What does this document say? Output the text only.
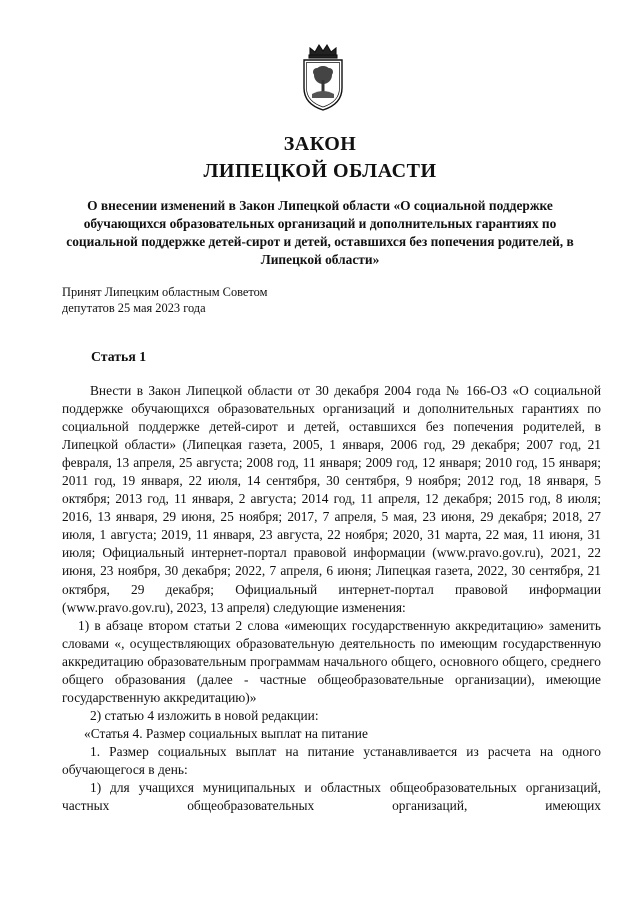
ЗАКОН
ЛИПЕЦКОЙ ОБЛАСТИ
О внесении изменений в Закон Липецкой области «О социальной поддержке обучающихся образовательных организаций и дополнительных гарантиях по социальной поддержке детей-сирот и детей, оставшихся без попечения родителей, в Липецкой области»
Принят Липецким областным Советом
депутатов 25 мая 2023 года
Статья 1

Внести в Закон Липецкой области от 30 декабря 2004 года № 166-ОЗ «О социальной поддержке обучающихся образовательных организаций и дополнительных гарантиях по социальной поддержке детей-сирот и детей, оставшихся без попечения родителей, в Липецкой области» (Липецкая газета, 2005, 1 января, 2006 год, 29 декабря; 2007 год, 21 февраля, 13 апреля, 25 августа; 2008 год, 11 января; 2009 год, 12 января; 2010 год, 15 января; 2011 год, 19 января, 22 июля, 14 сентября, 30 сентября, 9 ноября; 2012 год, 18 января, 5 октября; 2013 год, 11 января, 2 августа; 2014 год, 11 апреля, 12 декабря; 2015 год, 8 июля; 2016, 13 января, 29 июня, 25 ноября; 2017, 7 апреля, 5 мая, 23 июня, 29 декабря; 2018, 27 июля, 1 августа; 2019, 11 января, 23 августа, 22 ноября; 2020, 31 марта, 22 мая, 11 июня, 31 июля; Официальный интернет-портал правовой информации (www.pravo.gov.ru), 2021, 22 июня, 23 ноября, 30 декабря; 2022, 7 апреля, 6 июня; Липецкая газета, 2022, 30 сентября, 21 октября, 29 декабря; Официальный интернет-портал правовой информации (www.pravo.gov.ru), 2023, 13 апреля) следующие изменения:

1) в абзаце втором статьи 2 слова «имеющих государственную аккредитацию» заменить словами «, осуществляющих образовательную деятельность по имеющим государственную аккредитацию образовательным программам начального общего, основного общего, среднего общего образования (далее - частные общеобразовательные организации), имеющие государственную аккредитацию)»

2) статью 4 изложить в новой редакции:

«Статья 4. Размер социальных выплат на питание

1. Размер социальных выплат на питание устанавливается из расчета на одного обучающегося в день:

1) для учащихся муниципальных и областных общеобразовательных организаций, частных общеобразовательных организаций, имеющих
